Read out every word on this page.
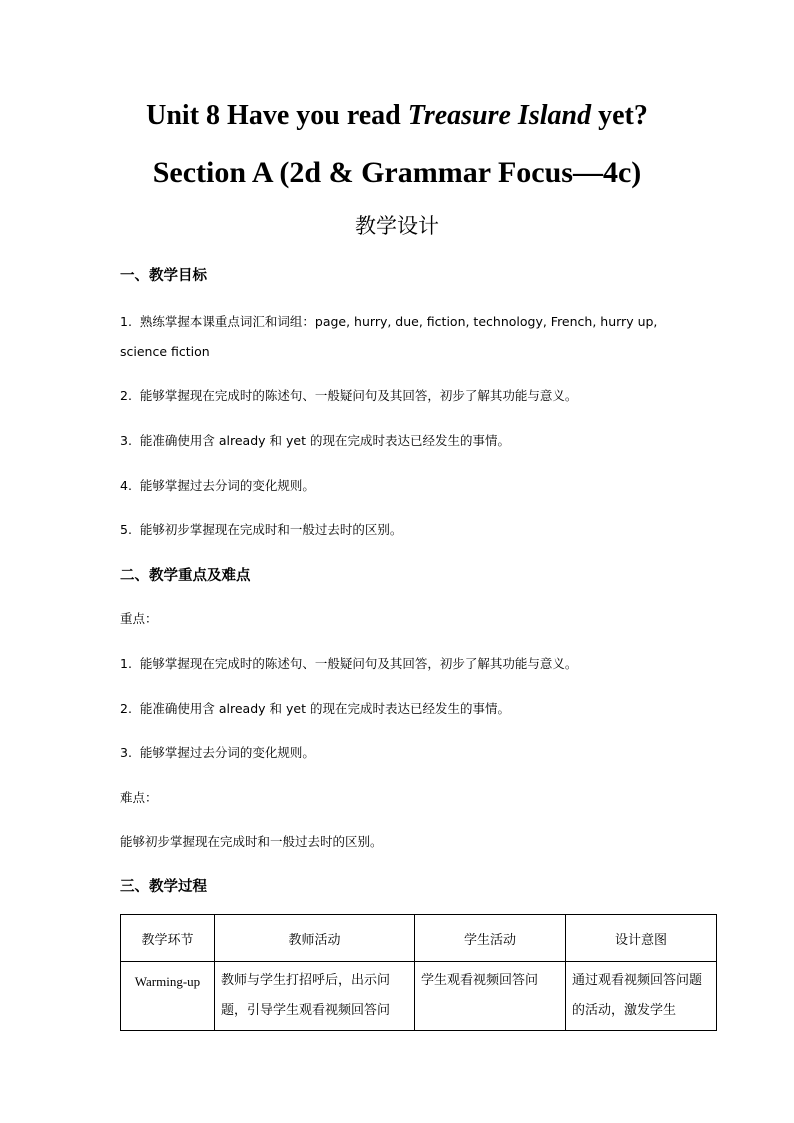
Unit 8 Have you read Treasure Island yet?
Section A (2d & Grammar Focus—4c)
教学设计
一、教学目标
1. 熟练掌握本课重点词汇和词组：page, hurry, due, fiction, technology, French, hurry up,
science fiction
2. 能够掌握现在完成时的陈述句、一般疑问句及其回答，初步了解其功能与意义。
3. 能准确使用含 already 和 yet 的现在完成时表达已经发生的事情。
4. 能够掌握过去分词的变化规则。
5. 能够初步掌握现在完成时和一般过去时的区别。
二、教学重点及难点
重点：
1. 能够掌握现在完成时的陈述句、一般疑问句及其回答，初步了解其功能与意义。
2. 能准确使用含 already 和 yet 的现在完成时表达已经发生的事情。
3. 能够掌握过去分词的变化规则。
难点：
能够初步掌握现在完成时和一般过去时的区别。
三、教学过程
教学环节	教师活动	学生活动	设计意图

Warming-up	教师与学生打招呼后，出示问题，引导学生观看视频回答问	学生观看视频回答问	通过观看视频回答问题的活动，激发学生
